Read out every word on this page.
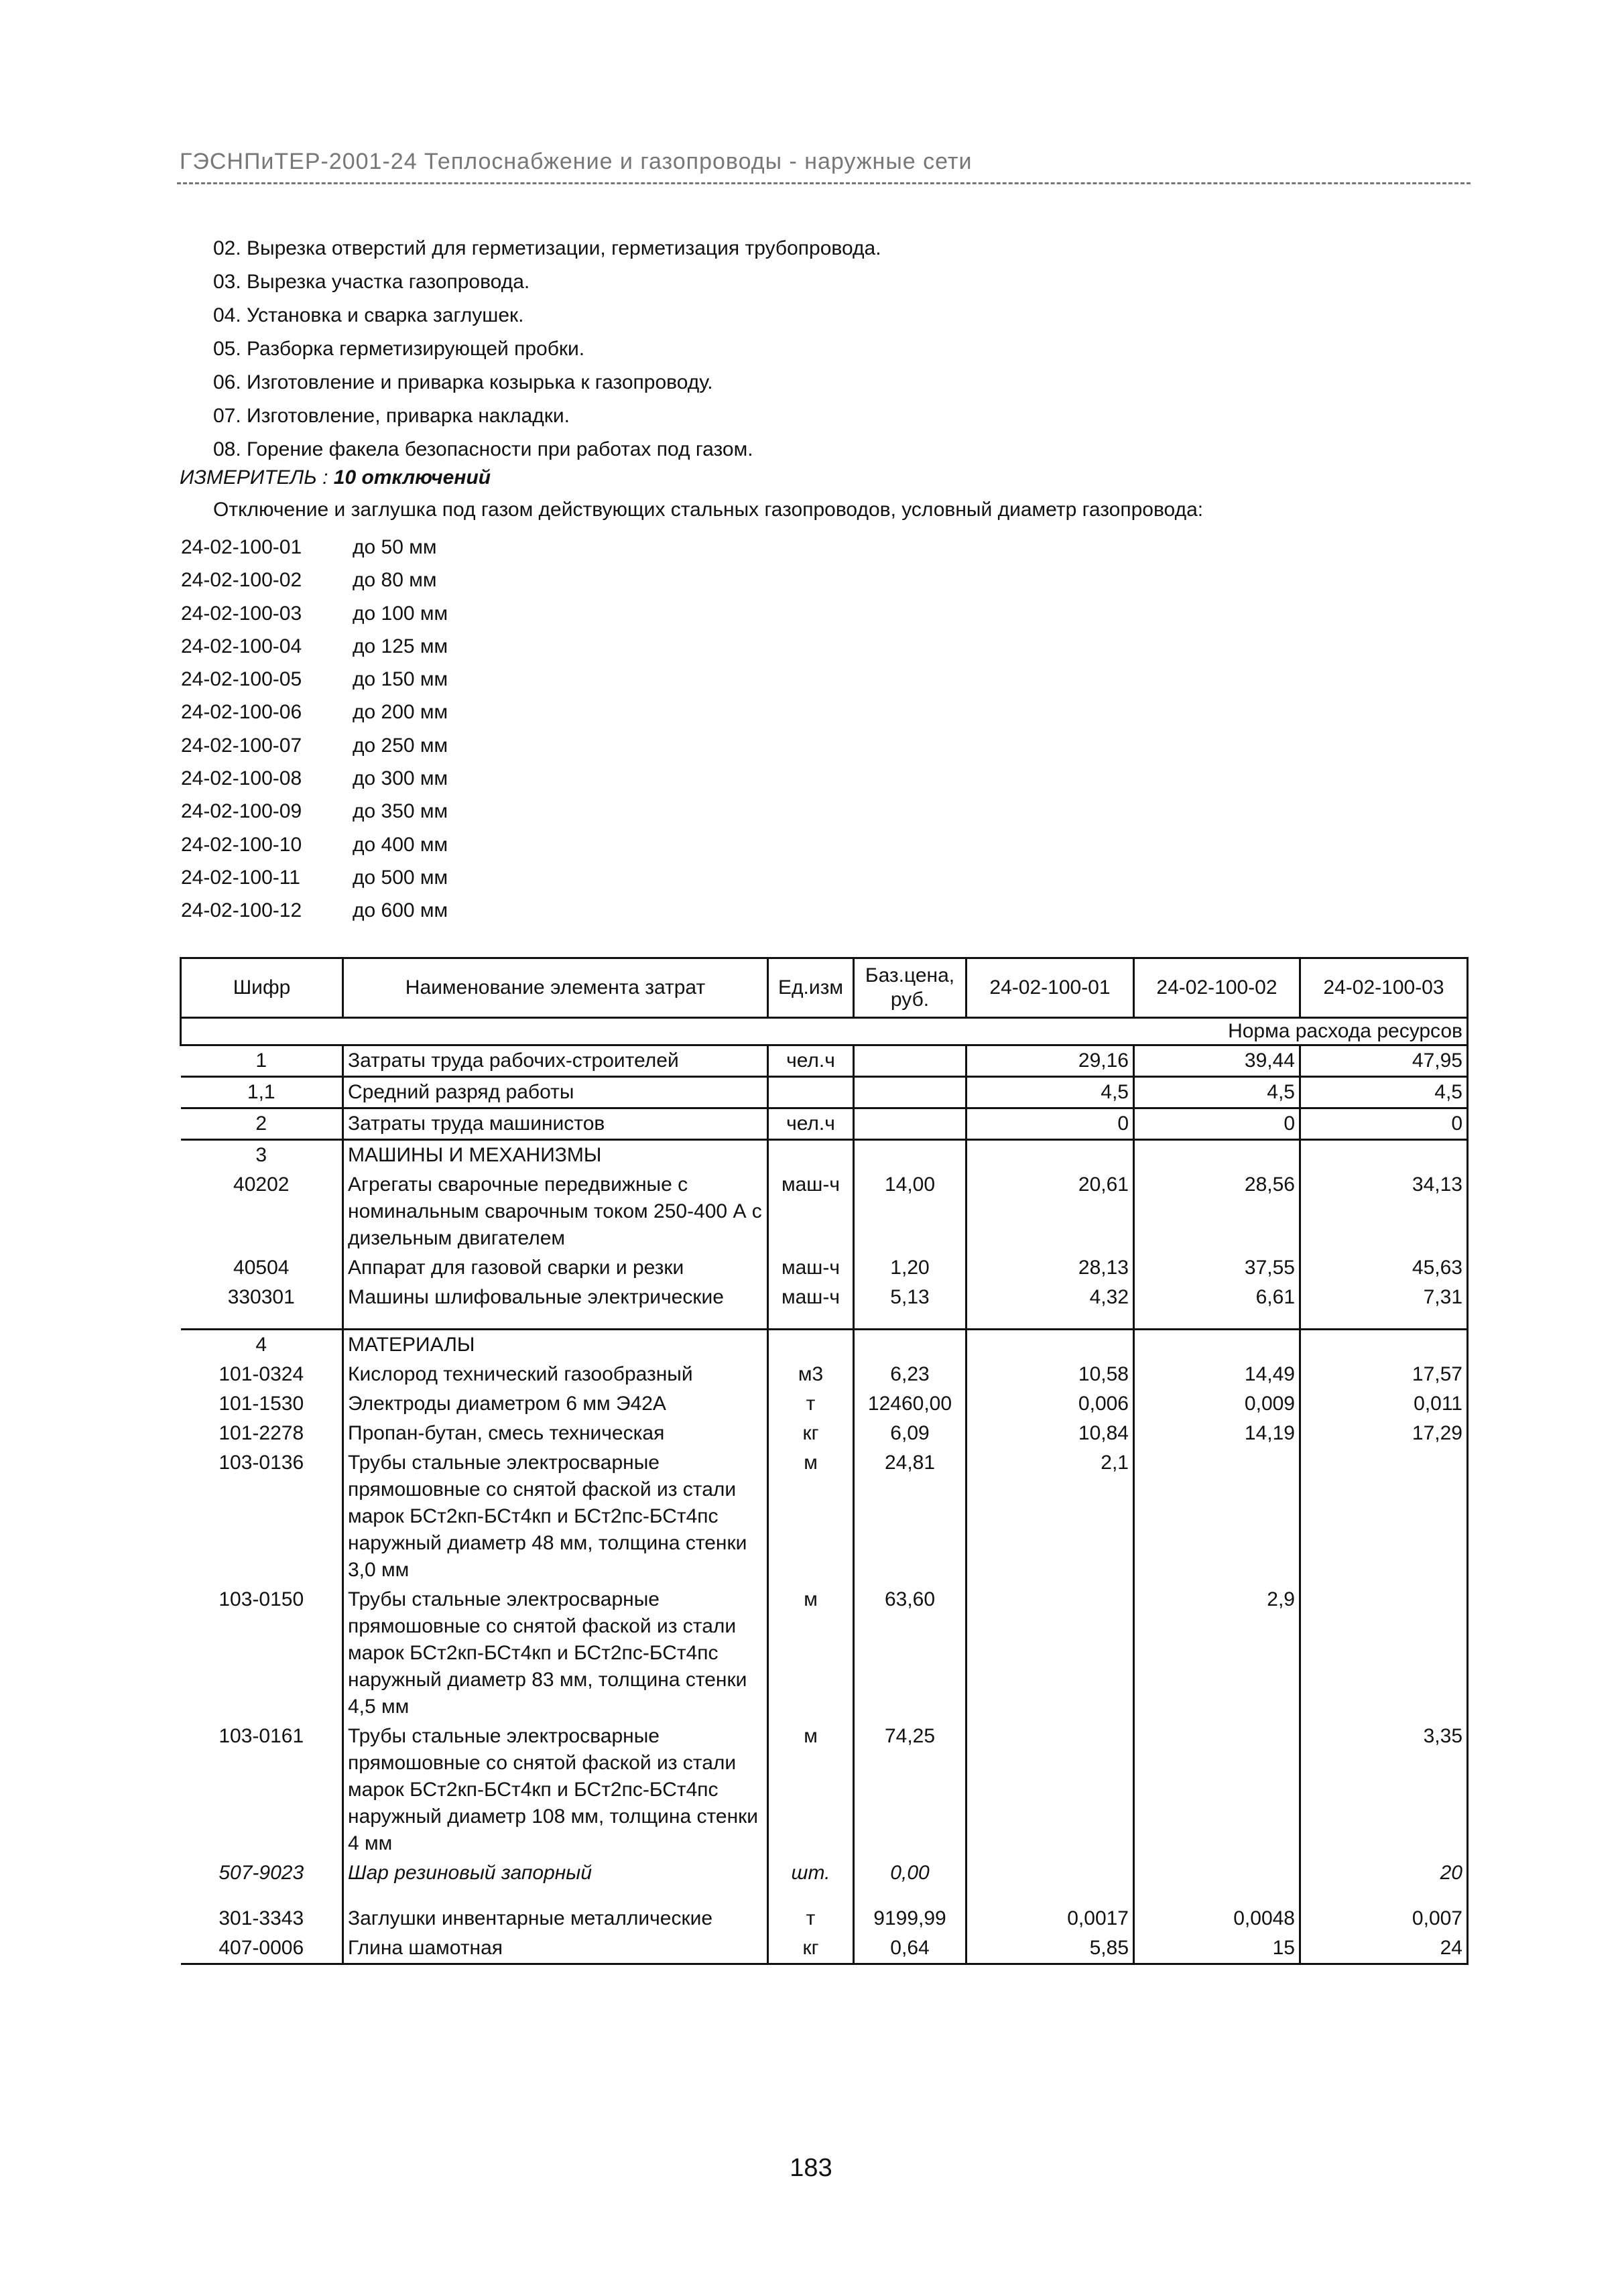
ГЭСНПиТЕР-2001-24 Теплоснабжение и газопроводы - наружные сети
02. Вырезка отверстий для герметизации, герметизация трубопровода.
03. Вырезка участка газопровода.
04. Установка и сварка заглушек.
05. Разборка герметизирующей пробки.
06. Изготовление и приварка козырька к газопроводу.
07. Изготовление, приварка накладки.
08. Горение факела безопасности при работах под газом.
ИЗМЕРИТЕЛЬ : 10 отключений
Отключение и заглушка под газом действующих стальных газопроводов, условный диаметр газопровода:
24-02-100-01	до 50 мм
24-02-100-02	до 80 мм
24-02-100-03	до 100 мм
24-02-100-04	до 125 мм
24-02-100-05	до 150 мм
24-02-100-06	до 200 мм
24-02-100-07	до 250 мм
24-02-100-08	до 300 мм
24-02-100-09	до 350 мм
24-02-100-10	до 400 мм
24-02-100-11	до 500 мм
24-02-100-12	до 600 мм
Шифр	Наименование элемента затрат	Ед.изм	Баз.цена, руб.	24-02-100-01	24-02-100-02	24-02-100-03
Норма расхода ресурсов						
1	Затраты труда рабочих-строителей	чел.ч		29,16	39,44	47,95
1,1	Средний разряд работы			4,5	4,5	4,5
2	Затраты труда машинистов	чел.ч		0	0	0
3	МАШИНЫ И МЕХАНИЗМЫ					
40202	Агрегаты сварочные передвижные с номинальным сварочным током 250-400 А с дизельным двигателем	маш-ч	14,00	20,61	28,56	34,13
40504	Аппарат для газовой сварки и резки	маш-ч	1,20	28,13	37,55	45,63
330301	Машины шлифовальные электрические	маш-ч	5,13	4,32	6,61	7,31

4	МАТЕРИАЛЫ					
101-0324	Кислород технический газообразный	м3	6,23	10,58	14,49	17,57
101-1530	Электроды диаметром 6 мм Э42А	т	12460,00	0,006	0,009	0,011
101-2278	Пропан-бутан, смесь техническая	кг	6,09	10,84	14,19	17,29
103-0136	Трубы стальные электросварные прямошовные со снятой фаской из стали марок БСт2кп-БСт4кп и БСт2пс-БСт4пс наружный диаметр 48 мм, толщина стенки 3,0 мм	м	24,81	2,1		
103-0150	Трубы стальные электросварные прямошовные со снятой фаской из стали марок БСт2кп-БСт4кп и БСт2пс-БСт4пс наружный диаметр 83 мм, толщина стенки 4,5 мм	м	63,60		2,9	
103-0161	Трубы стальные электросварные прямошовные со снятой фаской из стали марок БСт2кп-БСт4кп и БСт2пс-БСт4пс наружный диаметр 108 мм, толщина стенки 4 мм	м	74,25			3,35
507-9023	Шар резиновый запорный	шт.	0,00			20

301-3343	Заглушки инвентарные металлические	т	9199,99	0,0017	0,0048	0,007
407-0006	Глина шамотная	кг	0,64	5,85	15	24
183
